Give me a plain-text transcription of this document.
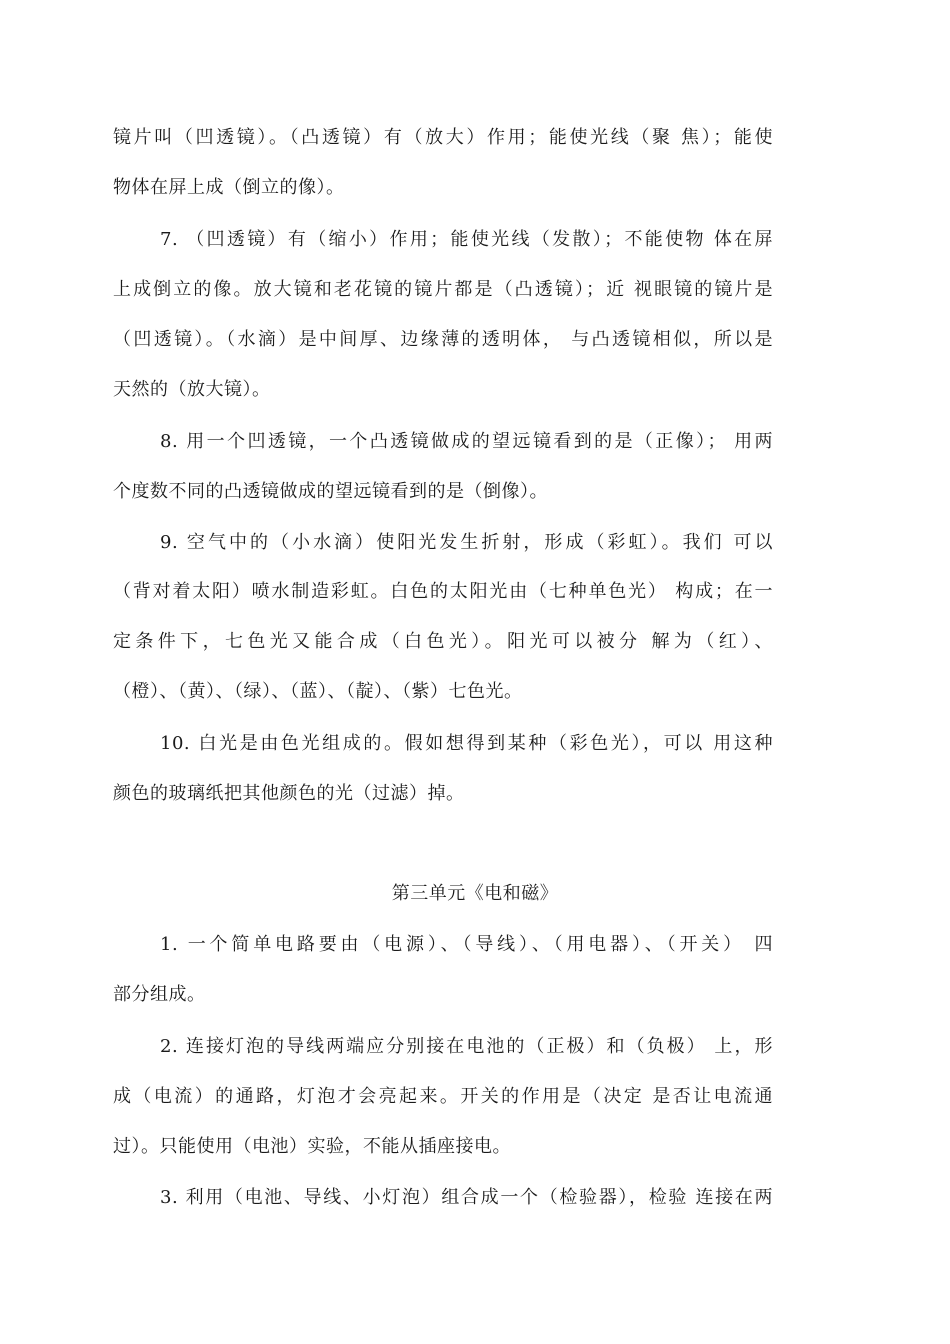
镜片叫（凹透镜）。（凸透镜）有（放大）作用；能使光线（聚 焦）；能使
物体在屏上成（倒立的像）。
7. （凹透镜）有（缩小）作用；能使光线（发散）；不能使物 体在屏
上成倒立的像。放大镜和老花镜的镜片都是（凸透镜）；近 视眼镜的镜片是
（凹透镜）。（水滴）是中间厚、边缘薄的透明体， 与凸透镜相似，所以是
天然的（放大镜）。
8. 用一个凹透镜，一个凸透镜做成的望远镜看到的是（正像）； 用两
个度数不同的凸透镜做成的望远镜看到的是（倒像）。
9. 空气中的（小水滴）使阳光发生折射，形成（彩虹）。我们 可以
（背对着太阳）喷水制造彩虹。白色的太阳光由（七种单色光） 构成；在一
定条件下，七色光又能合成（白色光）。阳光可以被分 解为（红）、
（橙）、（黄）、（绿）、（蓝）、（靛）、（紫）七色光。
10. 白光是由色光组成的。假如想得到某种（彩色光），可以 用这种
颜色的玻璃纸把其他颜色的光（过滤）掉。
第三单元《电和磁》
1. 一个简单电路要由（电源）、（导线）、（用电器）、（开关） 四
部分组成。
2. 连接灯泡的导线两端应分别接在电池的（正极）和（负极） 上，形
成（电流）的通路，灯泡才会亮起来。开关的作用是（决定 是否让电流通
过）。只能使用（电池）实验，不能从插座接电。
3. 利用（电池、导线、小灯泡）组合成一个（检验器），检验 连接在两
